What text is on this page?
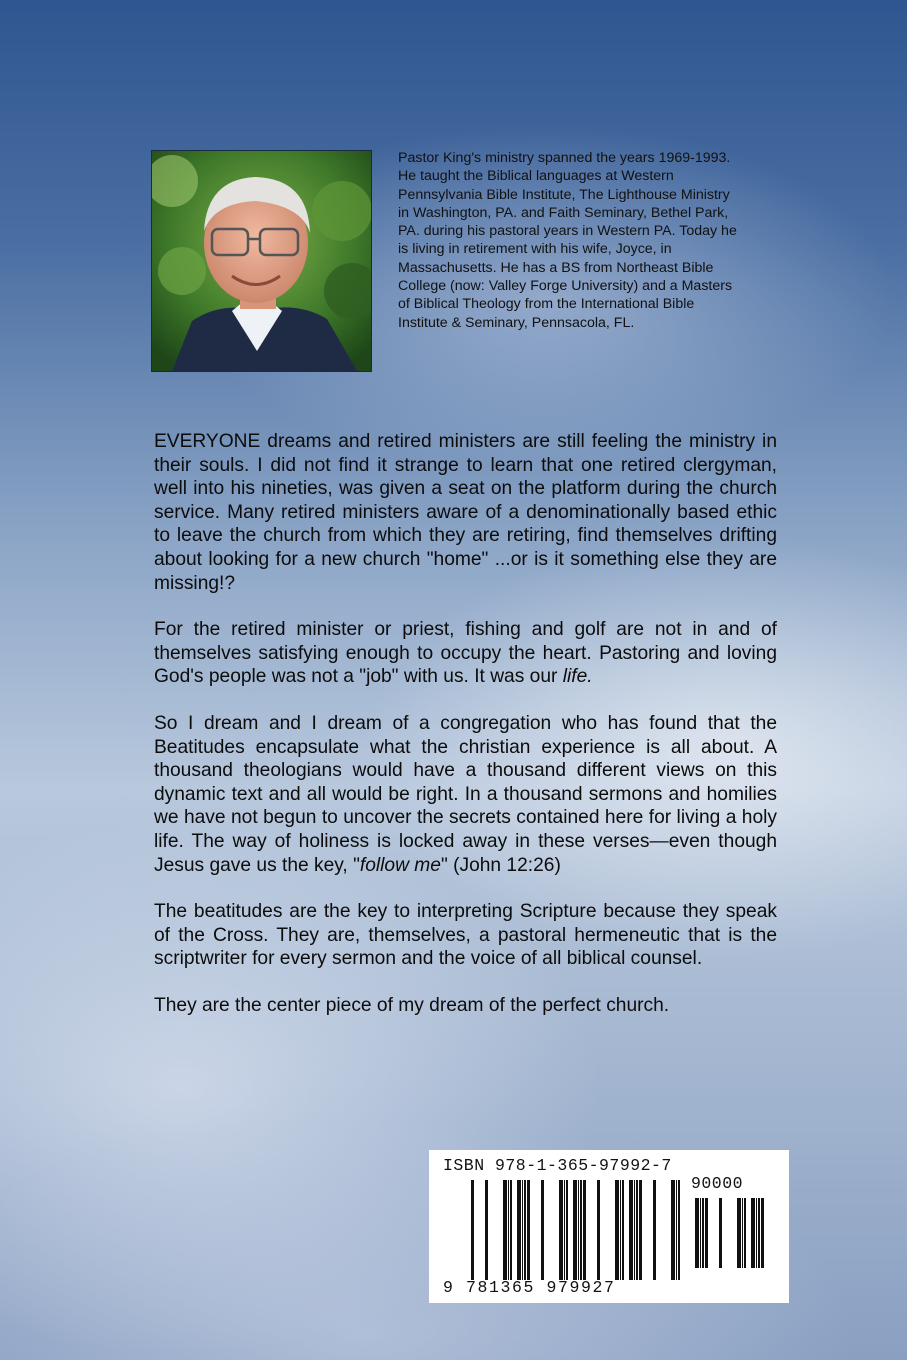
Pastor King's ministry spanned the years 1969-1993. He taught the Biblical languages at Western Pennsylvania Bible Institute, The Lighthouse Ministry in Washington, PA. and Faith Seminary, Bethel Park, PA. during his pastoral years in Western PA. Today he is living in retirement with his wife, Joyce, in Massachusetts. He has a BS from Northeast Bible College (now: Valley Forge University) and a Masters of Biblical Theology from the International Bible Institute & Seminary, Pennsacola, FL.

EVERYONE dreams and retired ministers are still feeling the ministry in their souls. I did not find it strange to learn that one retired clergyman, well into his nineties, was given a seat on the platform during the church service. Many retired ministers aware of a denominationally based ethic to leave the church from which they are retiring, find themselves drifting about looking for a new church "home" ...or is it something else they are missing!?

For the retired minister or priest, fishing and golf are not in and of themselves satisfying enough to occupy the heart. Pastoring and loving God's people was not a "job" with us. It was our life.

So I dream and I dream of a congregation who has found that the Beatitudes encapsulate what the christian experience is all about. A thousand theologians would have a thousand different views on this dynamic text and all would be right. In a thousand sermons and homilies we have not begun to uncover the secrets contained here for living a holy life. The way of holiness is locked away in these verses—even though Jesus gave us the key, "follow me" (John 12:26)

The beatitudes are the key to interpreting Scripture because they speak of the Cross. They are, themselves, a pastoral hermeneutic that is the scriptwriter for every sermon and the voice of all biblical counsel.

They are the center piece of my dream of the perfect church.

ISBN 978-1-365-97992-7
90000
9 781365 979927
